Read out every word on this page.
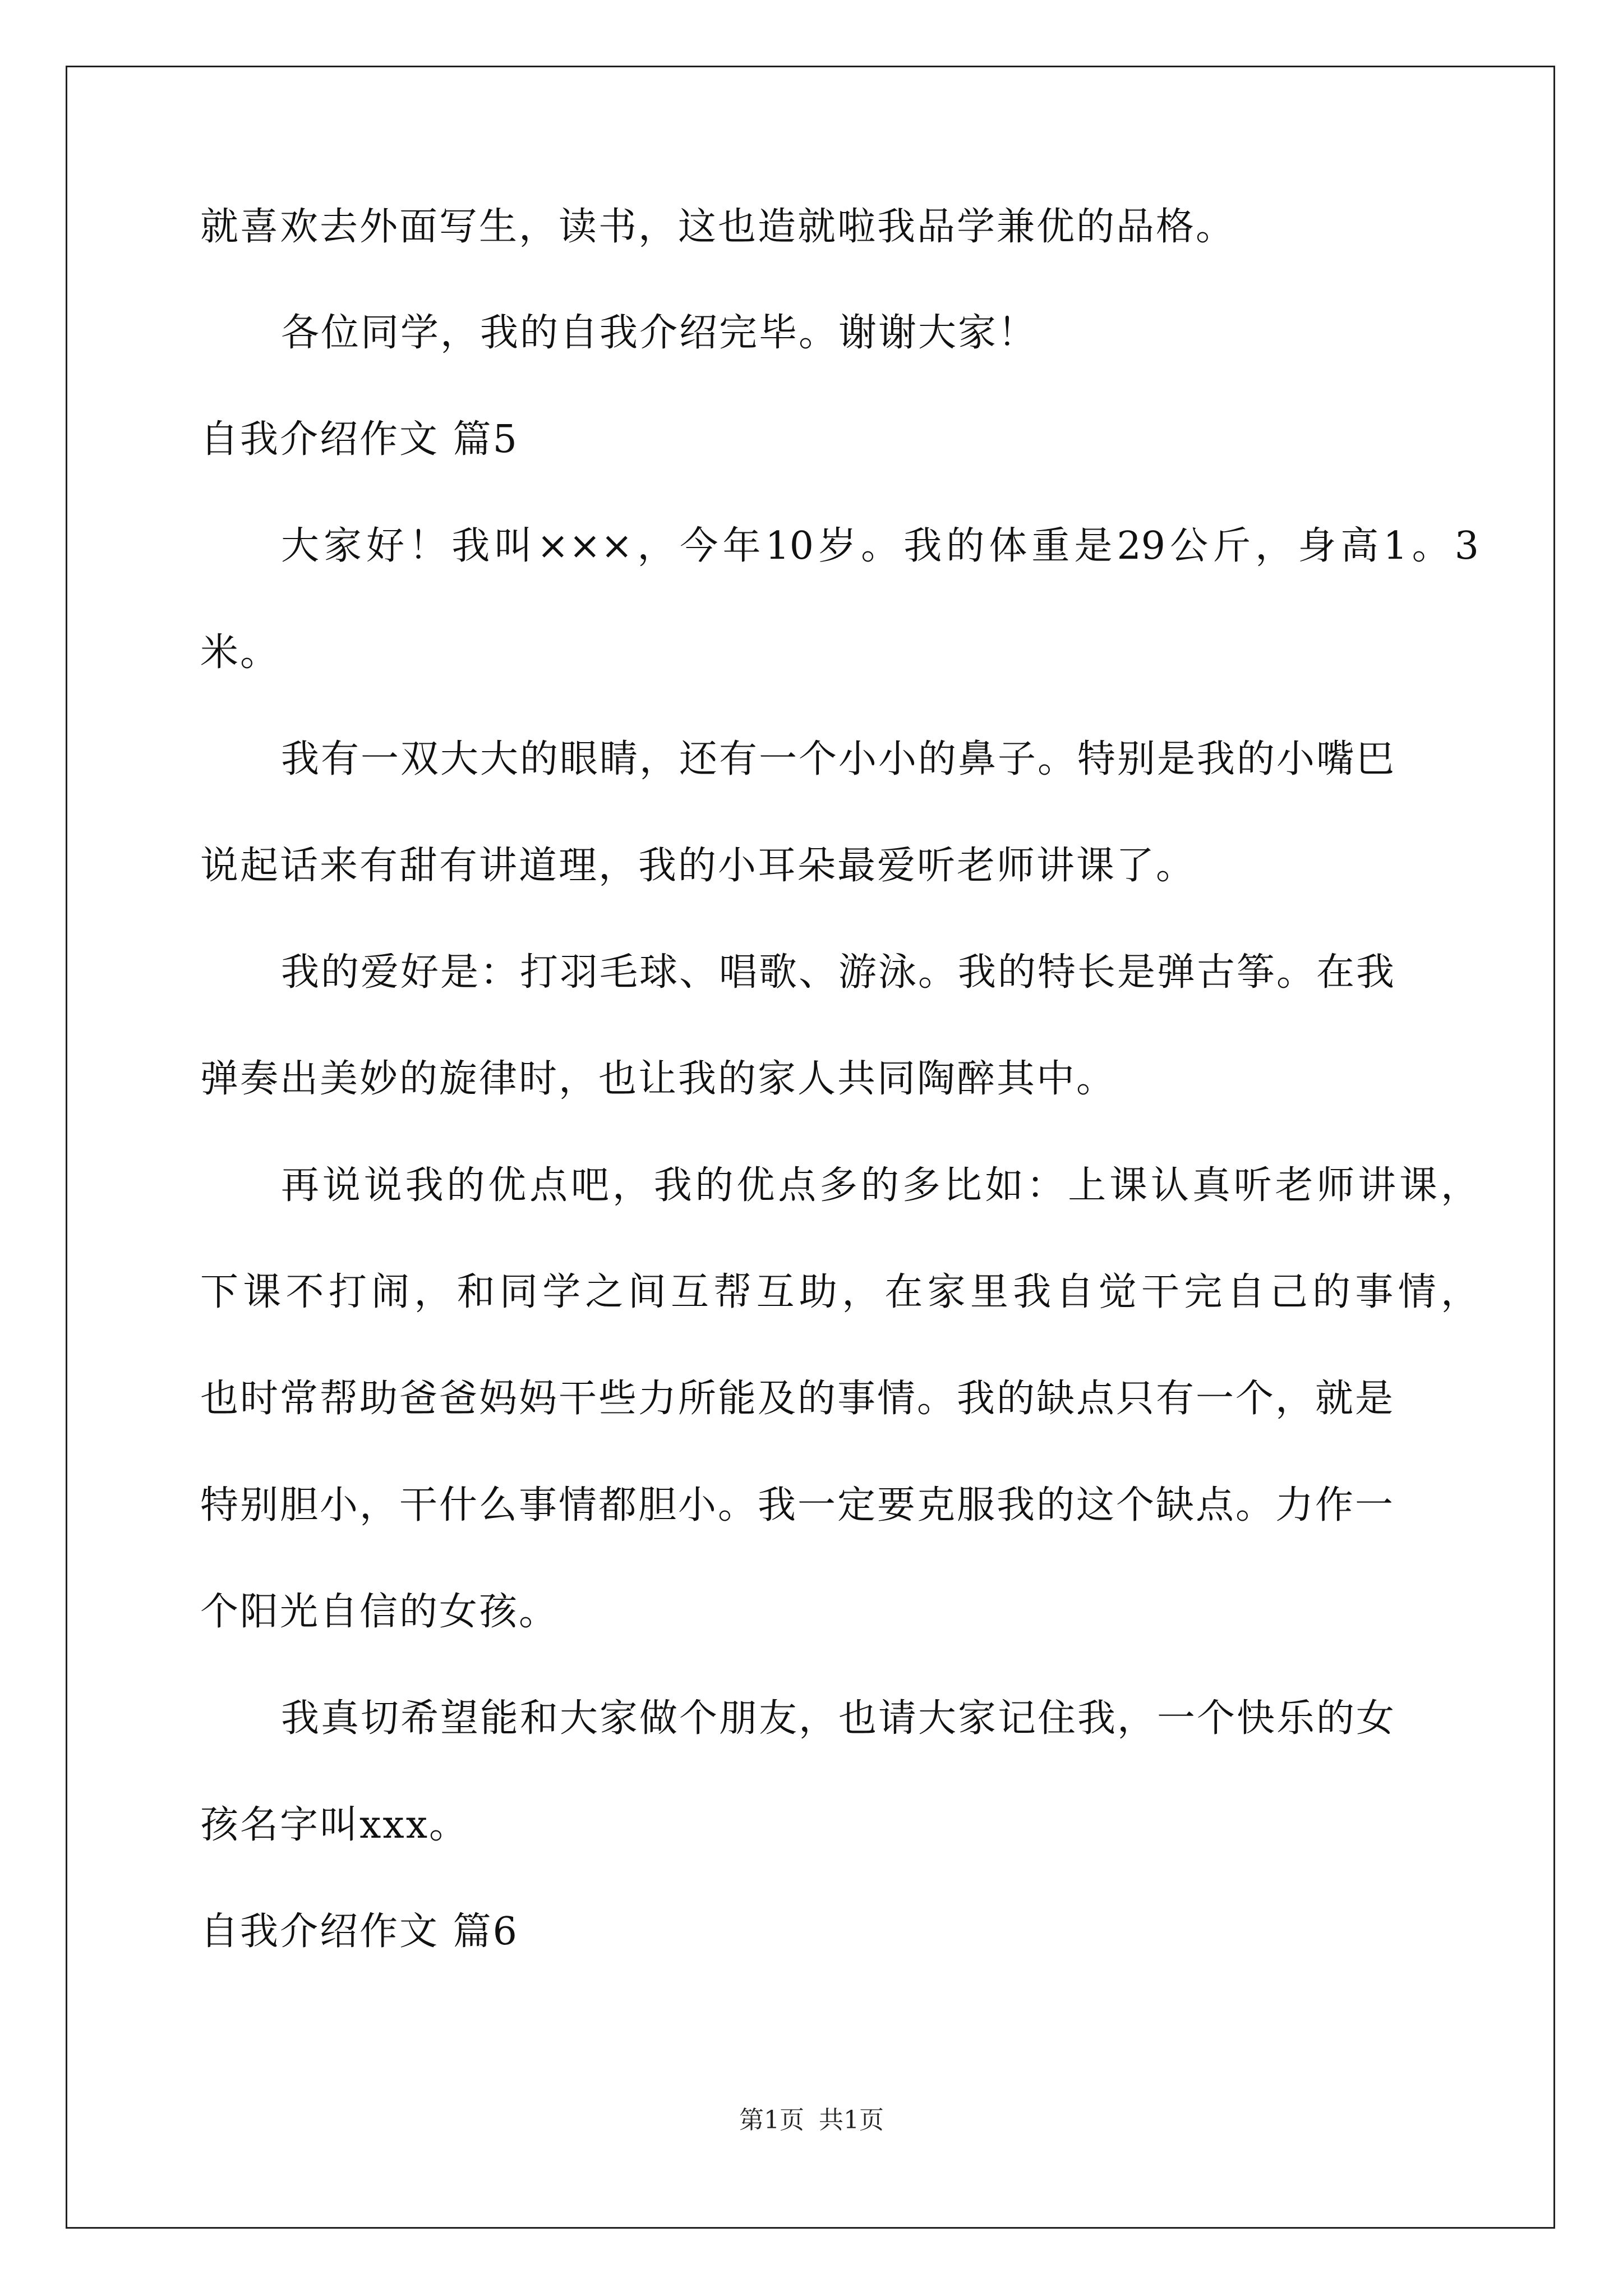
就喜欢去外面写生，读书，这也造就啦我品学兼优的品格。
各位同学，我的自我介绍完毕。谢谢大家！
自我介绍作文 篇5
大家好！我叫×××，今年10岁。我的体重是29公斤，身高1。3
米。
我有一双大大的眼睛，还有一个小小的鼻子。特别是我的小嘴巴
说起话来有甜有讲道理，我的小耳朵最爱听老师讲课了。
我的爱好是：打羽毛球、唱歌、游泳。我的特长是弹古筝。在我
弹奏出美妙的旋律时，也让我的家人共同陶醉其中。
再说说我的优点吧，我的优点多的多比如：上课认真听老师讲课，
下课不打闹，和同学之间互帮互助，在家里我自觉干完自己的事情，
也时常帮助爸爸妈妈干些力所能及的事情。我的缺点只有一个，就是
特别胆小，干什么事情都胆小。我一定要克服我的这个缺点。力作一
个阳光自信的女孩。
我真切希望能和大家做个朋友，也请大家记住我，一个快乐的女
孩名字叫xxx。
自我介绍作文 篇6
第1页 共1页
